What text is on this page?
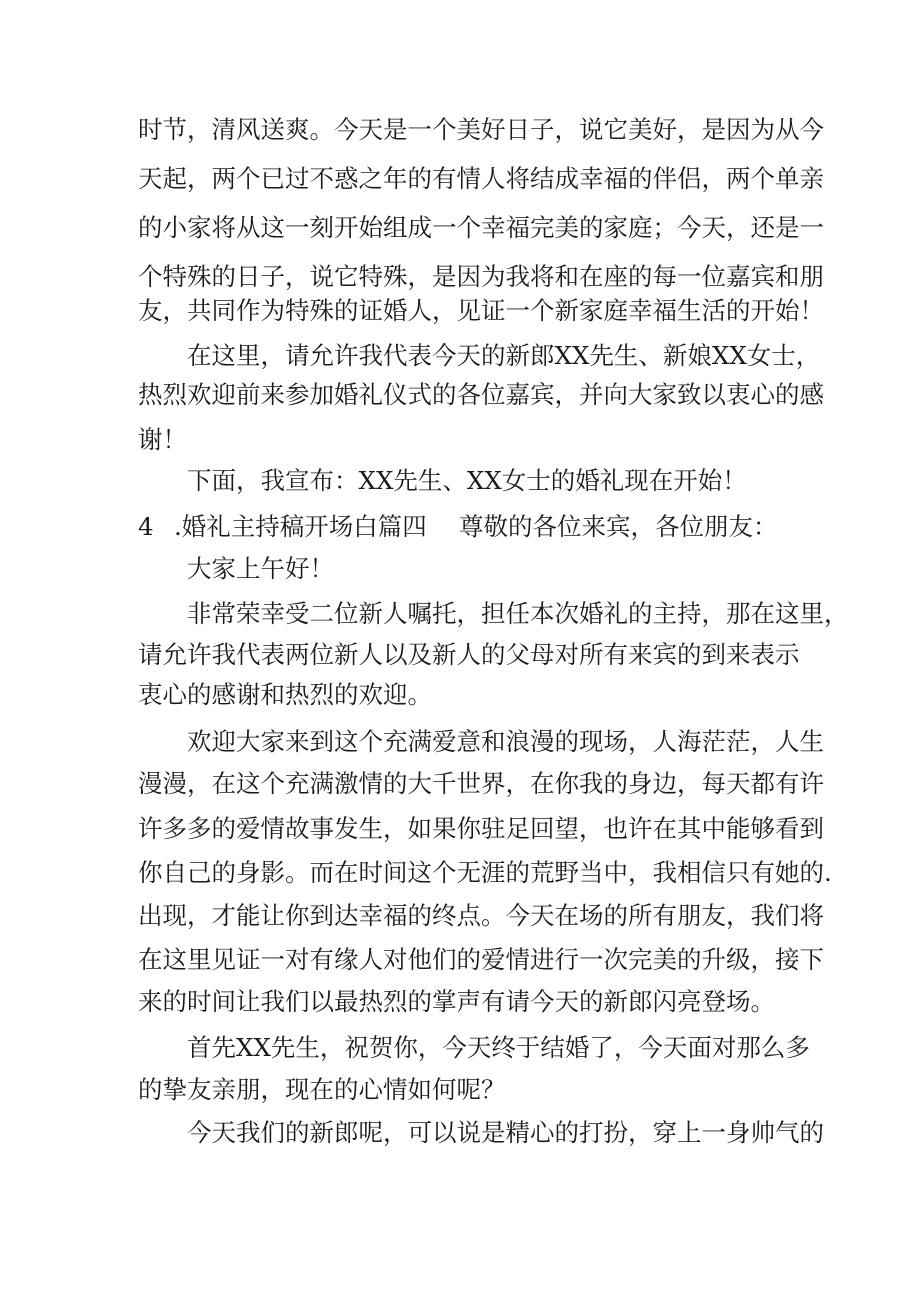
时节，清风送爽。今天是一个美好日子，说它美好，是因为从今
天起，两个已过不惑之年的有情人将结成幸福的伴侣，两个单亲
的小家将从这一刻开始组成一个幸福完美的家庭；今天，还是一
个特殊的日子，说它特殊，是因为我将和在座的每一位嘉宾和朋
友，共同作为特殊的证婚人，见证一个新家庭幸福生活的开始！
在这里，请允许我代表今天的新郎XX先生、新娘XX女士，
热烈欢迎前来参加婚礼仪式的各位嘉宾，并向大家致以衷心的感
谢！
下面，我宣布：XX先生、XX女士的婚礼现在开始！
4 .婚礼主持稿开场白篇四 尊敬的各位来宾，各位朋友：
大家上午好！
非常荣幸受二位新人嘱托，担任本次婚礼的主持，那在这里，
请允许我代表两位新人以及新人的父母对所有来宾的到来表示
衷心的感谢和热烈的欢迎。
欢迎大家来到这个充满爱意和浪漫的现场，人海茫茫，人生
漫漫，在这个充满激情的大千世界，在你我的身边，每天都有许
许多多的爱情故事发生，如果你驻足回望，也许在其中能够看到
你自己的身影。而在时间这个无涯的荒野当中，我相信只有她的.
出现，才能让你到达幸福的终点。今天在场的所有朋友，我们将
在这里见证一对有缘人对他们的爱情进行一次完美的升级，接下
来的时间让我们以最热烈的掌声有请今天的新郎闪亮登场。
首先XX先生，祝贺你，今天终于结婚了，今天面对那么多
的挚友亲朋，现在的心情如何呢？
今天我们的新郎呢，可以说是精心的打扮，穿上一身帅气的
